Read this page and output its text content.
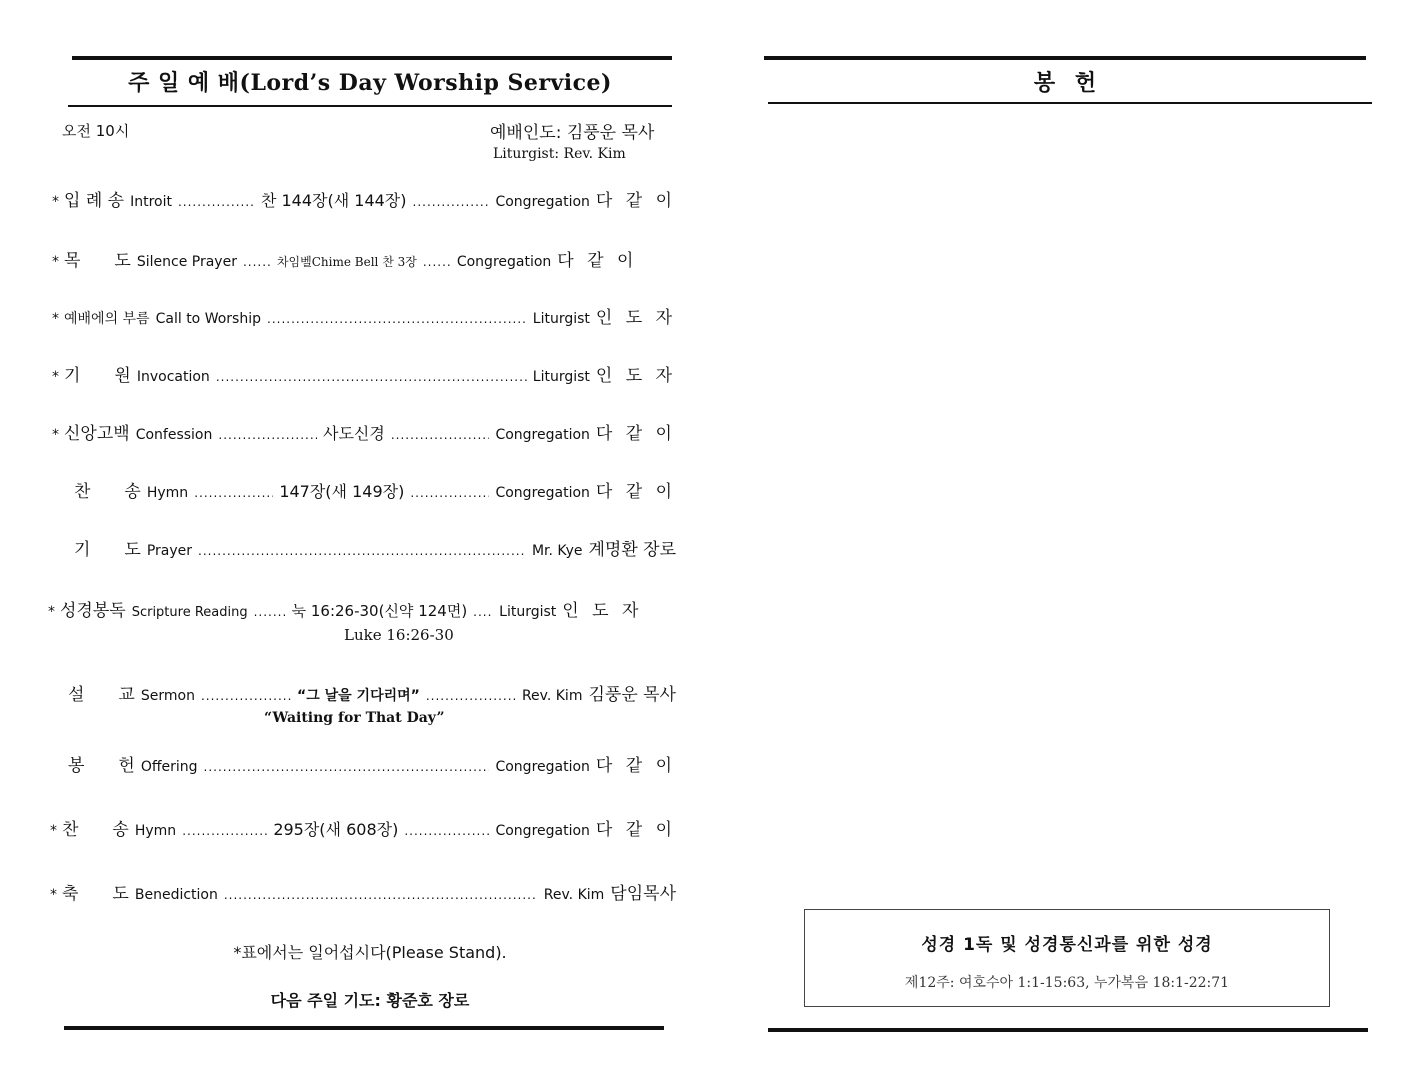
주 일 예 배(Lord’s Day Worship Service)
오전 10시	예배인도: 김풍운 목사
Liturgist: Rev. Kim
* 입 례 송 Introit .....	찬 144장(새 144장) .....	Congregation 다 같 이
* 목　　도 Silence Prayer .....	차임벨Chime Bell 찬 3장 .....	Congregation 다 같 이
* 예배에의 부름 Call to Worship .....	Liturgist 인 도 자
* 기　　원 Invocation .....	Liturgist 인 도 자
* 신앙고백 Confession .....	사도신경 .....	Congregation 다 같 이
찬　　송 Hymn .....	147장(새 149장) .....	Congregation 다 같 이
기　　도 Prayer .....	Mr. Kye 계명환 장로
* 성경봉독 Scripture Reading .....	눅 16:26-30(신약 124면) ..... Liturgist 인 도 자
Luke 16:26-30
설　　교 Sermon .....	“그 날을 기다리며” .....	Rev. Kim 김풍운 목사
“Waiting for That Day”
봉　　헌 Offering .....	Congregation 다 같 이
* 찬　　송 Hymn .....	295장(새 608장) .....	Congregation 다 같 이
* 축　　도 Benediction .....	Rev. Kim 담임목사
*표에서는 일어섭시다(Please Stand).
다음 주일 기도: 황준호 장로
봉 헌
성경 1독 및 성경통신과를 위한 성경
제12주: 여호수아 1:1-15:63, 누가복음 18:1-22:71
